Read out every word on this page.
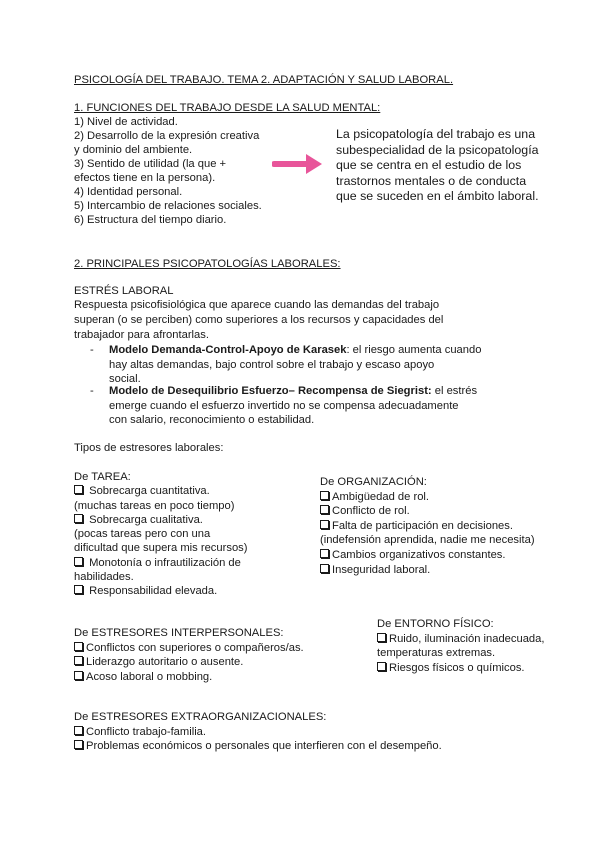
PSICOLOGÍA DEL TRABAJO. TEMA 2. ADAPTACIÓN Y SALUD LABORAL.
1. FUNCIONES DEL TRABAJO DESDE LA SALUD MENTAL:
1) Nivel de actividad.
2) Desarrollo de la expresión creativa
y dominio del ambiente.
3) Sentido de utilidad (la que +
efectos tiene en la persona).
4) Identidad personal.
5) Intercambio de relaciones sociales.
6) Estructura del tiempo diario.
La psicopatología del trabajo es una
subespecialidad de la psicopatología
que se centra en el estudio de los
trastornos mentales o de conducta
que se suceden en el ámbito laboral.
2. PRINCIPALES PSICOPATOLOGÍAS LABORALES:
ESTRÉS LABORAL
Respuesta psicofisiológica que aparece cuando las demandas del trabajo
superan (o se perciben) como superiores a los recursos y capacidades del
trabajador para afrontarlas.
- Modelo Demanda-Control-Apoyo de Karasek: el riesgo aumenta cuando
hay altas demandas, bajo control sobre el trabajo y escaso apoyo
social.
- Modelo de Desequilibrio Esfuerzo– Recompensa de Siegrist: el estrés
emerge cuando el esfuerzo invertido no se compensa adecuadamente
con salario, reconocimiento o estabilidad.
Tipos de estresores laborales:
De TAREA:
Sobrecarga cuantitativa.
(muchas tareas en poco tiempo)
Sobrecarga cualitativa.
(pocas tareas pero con una
dificultad que supera mis recursos)
Monotonía o infrautilización de
habilidades.
Responsabilidad elevada.
De ORGANIZACIÓN:
Ambigüedad de rol.
Conflicto de rol.
Falta de participación en decisiones.
(indefensión aprendida, nadie me necesita)
Cambios organizativos constantes.
Inseguridad laboral.
De ESTRESORES INTERPERSONALES:
Conflictos con superiores o compañeros/as.
Liderazgo autoritario o ausente.
Acoso laboral o mobbing.
De ENTORNO FÍSICO:
Ruido, iluminación inadecuada,
temperaturas extremas.
Riesgos físicos o químicos.
De ESTRESORES EXTRAORGANIZACIONALES:
Conflicto trabajo-familia.
Problemas económicos o personales que interfieren con el desempeño.
